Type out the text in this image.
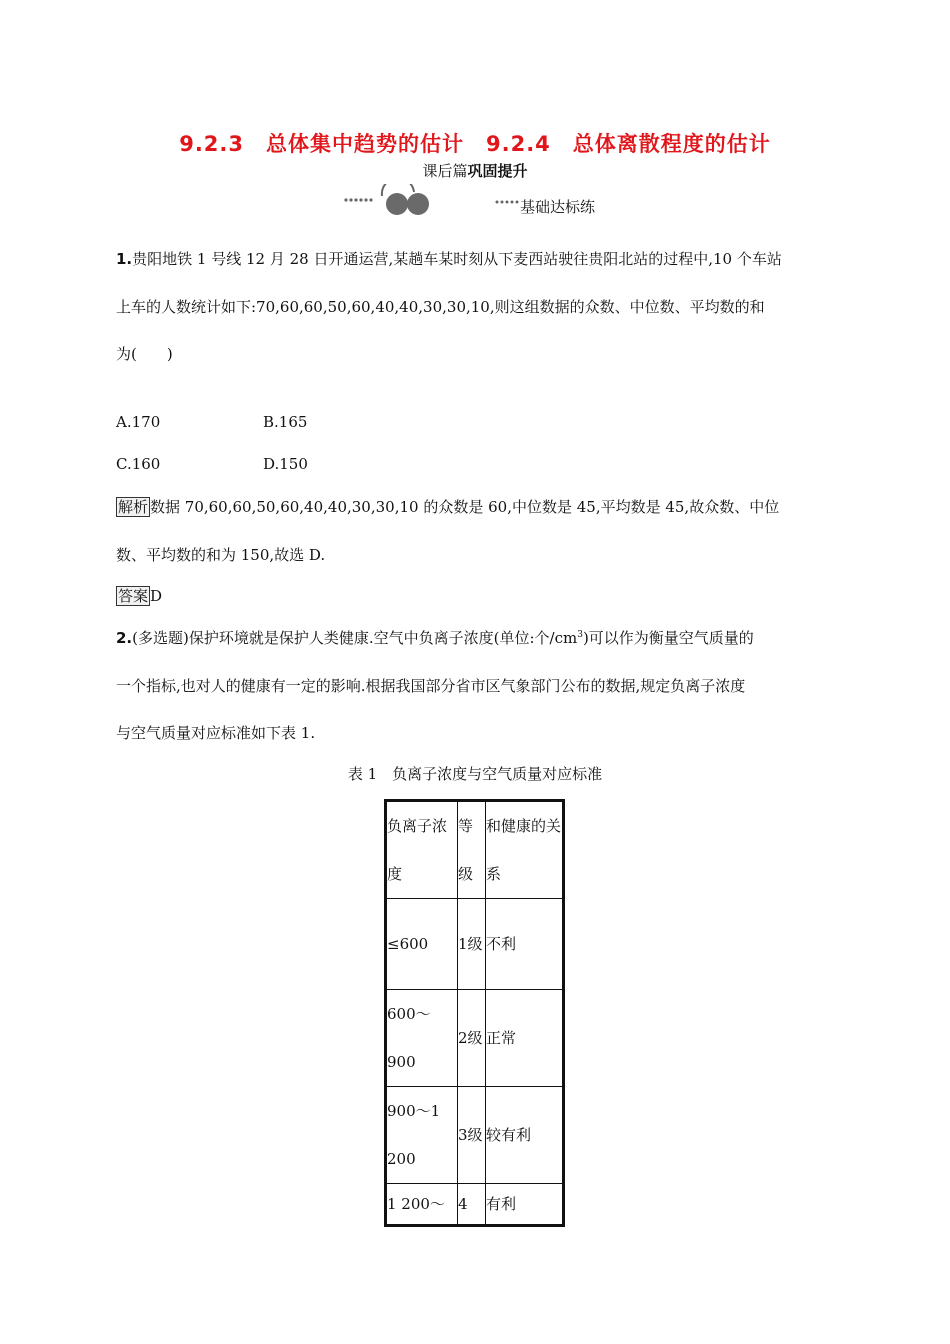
9.2.3　总体集中趋势的估计　9.2.4　总体离散程度的估计
课后篇巩固提升
基础达标练
1.贵阳地铁 1 号线 12 月 28 日开通运营,某趟车某时刻从下麦西站驶往贵阳北站的过程中,10 个车站
上车的人数统计如下:70,60,60,50,60,40,40,30,30,10,则这组数据的众数、中位数、平均数的和
为(　　)
A.170	B.165
C.160	D.150
解析 数据 70,60,60,50,60,40,40,30,30,10 的众数是 60,中位数是 45,平均数是 45,故众数、中位
数、平均数的和为 150,故选 D.
答案 D
2.(多选题)保护环境就是保护人类健康.空气中负离子浓度(单位:个$/cm^3$)可以作为衡量空气质量的
一个指标,也对人的健康有一定的影响.根据我国部分省市区气象部门公布的数据,规定负离子浓度
与空气质量对应标准如下表 1.
表 1　负离子浓度与空气质量对应标准
负离子浓度	等级	和健康的关系
≤600	1级	不利
600～900	2级	正常
900～1 200	3级	较有利
1 200～	4	有利
